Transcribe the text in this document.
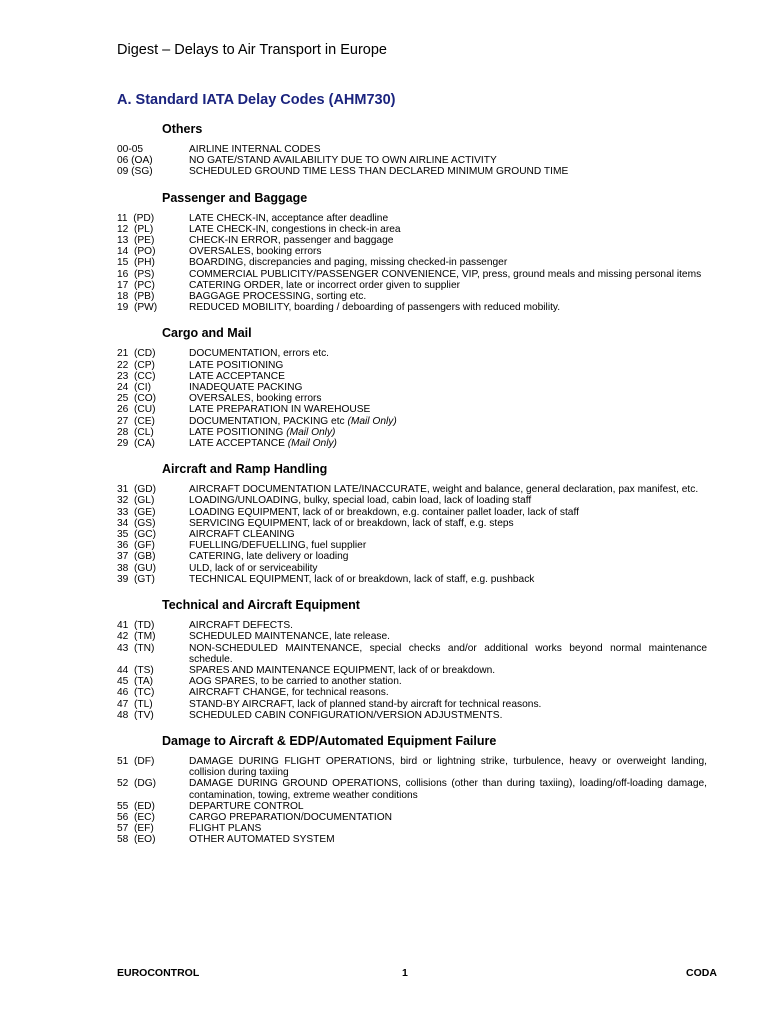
Digest – Delays to Air Transport in Europe
A. Standard IATA Delay Codes (AHM730)
Others
00-05	AIRLINE INTERNAL CODES
06 (OA)	NO GATE/STAND AVAILABILITY DUE TO OWN AIRLINE ACTIVITY
09 (SG)	SCHEDULED GROUND TIME LESS THAN DECLARED MINIMUM GROUND TIME
Passenger and Baggage
11  (PD)	LATE CHECK-IN, acceptance after deadline
12  (PL)	LATE CHECK-IN, congestions in check-in area
13  (PE)	CHECK-IN ERROR, passenger and baggage
14  (PO)	OVERSALES, booking errors
15  (PH)	BOARDING, discrepancies and paging, missing checked-in passenger
16  (PS)	COMMERCIAL PUBLICITY/PASSENGER CONVENIENCE, VIP, press, ground meals and missing personal items
17  (PC)	CATERING ORDER, late or incorrect order given to supplier
18  (PB)	BAGGAGE PROCESSING, sorting etc.
19  (PW)	REDUCED MOBILITY, boarding / deboarding of passengers with reduced mobility.
Cargo and Mail
21  (CD)	DOCUMENTATION, errors etc.
22  (CP)	LATE POSITIONING
23  (CC)	LATE ACCEPTANCE
24  (CI)	INADEQUATE PACKING
25  (CO)	OVERSALES, booking errors
26  (CU)	LATE PREPARATION IN WAREHOUSE
27  (CE)	DOCUMENTATION, PACKING etc (Mail Only)
28  (CL)	LATE POSITIONING (Mail Only)
29  (CA)	LATE ACCEPTANCE (Mail Only)
Aircraft and Ramp Handling
31  (GD)	AIRCRAFT DOCUMENTATION LATE/INACCURATE, weight and balance, general declaration, pax manifest, etc.
32  (GL)	LOADING/UNLOADING, bulky, special load, cabin load, lack of loading staff
33  (GE)	LOADING EQUIPMENT, lack of or breakdown, e.g. container pallet loader, lack of staff
34  (GS)	SERVICING EQUIPMENT, lack of or breakdown, lack of staff, e.g. steps
35  (GC)	AIRCRAFT CLEANING
36  (GF)	FUELLING/DEFUELLING, fuel supplier
37  (GB)	CATERING, late delivery or loading
38  (GU)	ULD, lack of or serviceability
39  (GT)	TECHNICAL EQUIPMENT, lack of or breakdown, lack of staff, e.g. pushback
Technical and Aircraft Equipment
41  (TD)	AIRCRAFT DEFECTS.
42  (TM)	SCHEDULED MAINTENANCE, late release.
43  (TN)	NON-SCHEDULED MAINTENANCE, special checks and/or additional works beyond normal maintenance schedule.
44  (TS)	SPARES AND MAINTENANCE EQUIPMENT, lack of or breakdown.
45  (TA)	AOG SPARES, to be carried to another station.
46  (TC)	AIRCRAFT CHANGE, for technical reasons.
47  (TL)	STAND-BY AIRCRAFT, lack of planned stand-by aircraft for technical reasons.
48  (TV)	SCHEDULED CABIN CONFIGURATION/VERSION ADJUSTMENTS.
Damage to Aircraft & EDP/Automated Equipment Failure
51  (DF)	DAMAGE DURING FLIGHT OPERATIONS, bird or lightning strike, turbulence, heavy or overweight landing, collision during taxiing
52  (DG)	DAMAGE DURING GROUND OPERATIONS, collisions (other than during taxiing), loading/off-loading damage, contamination, towing, extreme weather conditions
55  (ED)	DEPARTURE CONTROL
56  (EC)	CARGO PREPARATION/DOCUMENTATION
57  (EF)	FLIGHT PLANS
58  (EO)	OTHER AUTOMATED SYSTEM
EUROCONTROL	1	CODA
